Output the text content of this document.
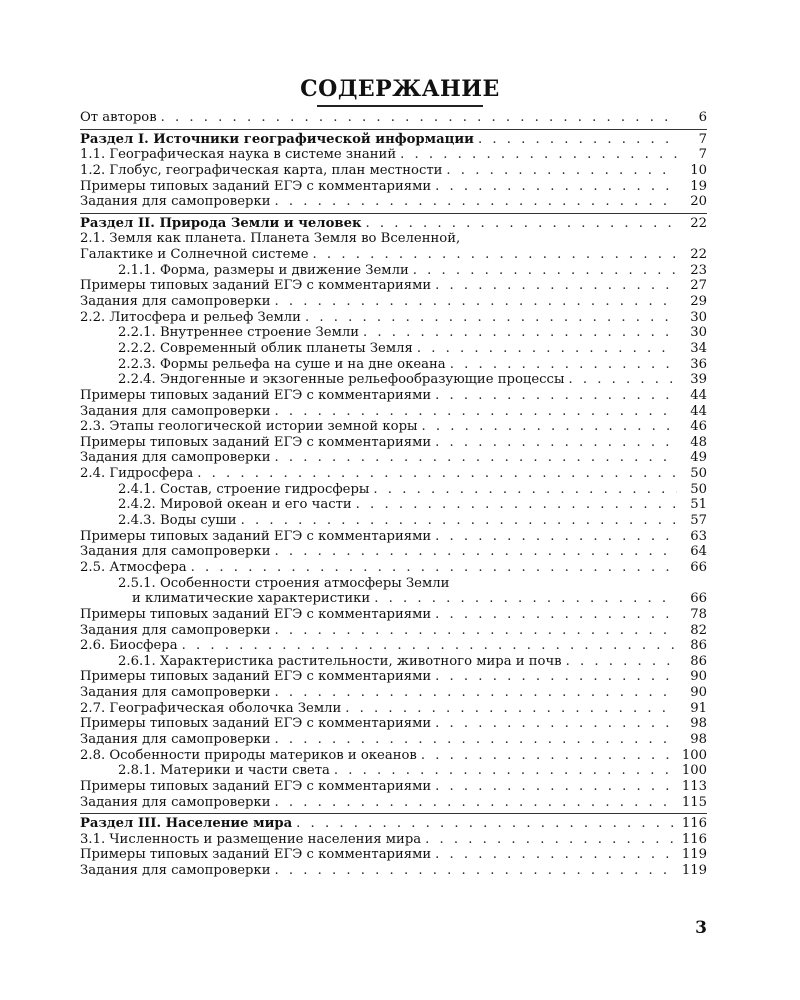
СОДЕРЖАНИЕ
От авторов . . .	6
Раздел I. Источники географической информации . . .	7
1.1. Географическая наука в системе знаний . . .	7
1.2. Глобус, географическая карта, план местности . . .	10
Примеры типовых заданий ЕГЭ с комментариями . . .	19
Задания для самопроверки . . .	20
Раздел II. Природа Земли и человек . . .	22
2.1. Земля как планета. Планета Земля во Вселенной,
Галактике и Солнечной системе . . .	22
2.1.1. Форма, размеры и движение Земли . . .	23
Примеры типовых заданий ЕГЭ с комментариями . . .	27
Задания для самопроверки . . .	29
2.2. Литосфера и рельеф Земли . . .	30
2.2.1. Внутреннее строение Земли . . .	30
2.2.2. Современный облик планеты Земля . . .	34
2.2.3. Формы рельефа на суше и на дне океана . . .	36
2.2.4. Эндогенные и экзогенные рельефообразующие процессы . . .	39
Примеры типовых заданий ЕГЭ с комментариями . . .	44
Задания для самопроверки . . .	44
2.3. Этапы геологической истории земной коры . . .	46
Примеры типовых заданий ЕГЭ с комментариями . . .	48
Задания для самопроверки . . .	49
2.4. Гидросфера . . .	50
2.4.1. Состав, строение гидросферы . . .	50
2.4.2. Мировой океан и его части . . .	51
2.4.3. Воды суши . . .	57
Примеры типовых заданий ЕГЭ с комментариями . . .	63
Задания для самопроверки . . .	64
2.5. Атмосфера . . .	66
2.5.1. Особенности строения атмосферы Земли
и климатические характеристики . . .	66
Примеры типовых заданий ЕГЭ с комментариями . . .	78
Задания для самопроверки . . .	82
2.6. Биосфера . . .	86
2.6.1. Характеристика растительности, животного мира и почв . . .	86
Примеры типовых заданий ЕГЭ с комментариями . . .	90
Задания для самопроверки . . .	90
2.7. Географическая оболочка Земли . . .	91
Примеры типовых заданий ЕГЭ с комментариями . . .	98
Задания для самопроверки . . .	98
2.8. Особенности природы материков и океанов . . .	100
2.8.1. Материки и части света . . .	100
Примеры типовых заданий ЕГЭ с комментариями . . .	113
Задания для самопроверки . . .	115
Раздел III. Население мира . . .	116
3.1. Численность и размещение населения мира . . .	116
Примеры типовых заданий ЕГЭ с комментариями . . .	119
Задания для самопроверки . . .	119
3
